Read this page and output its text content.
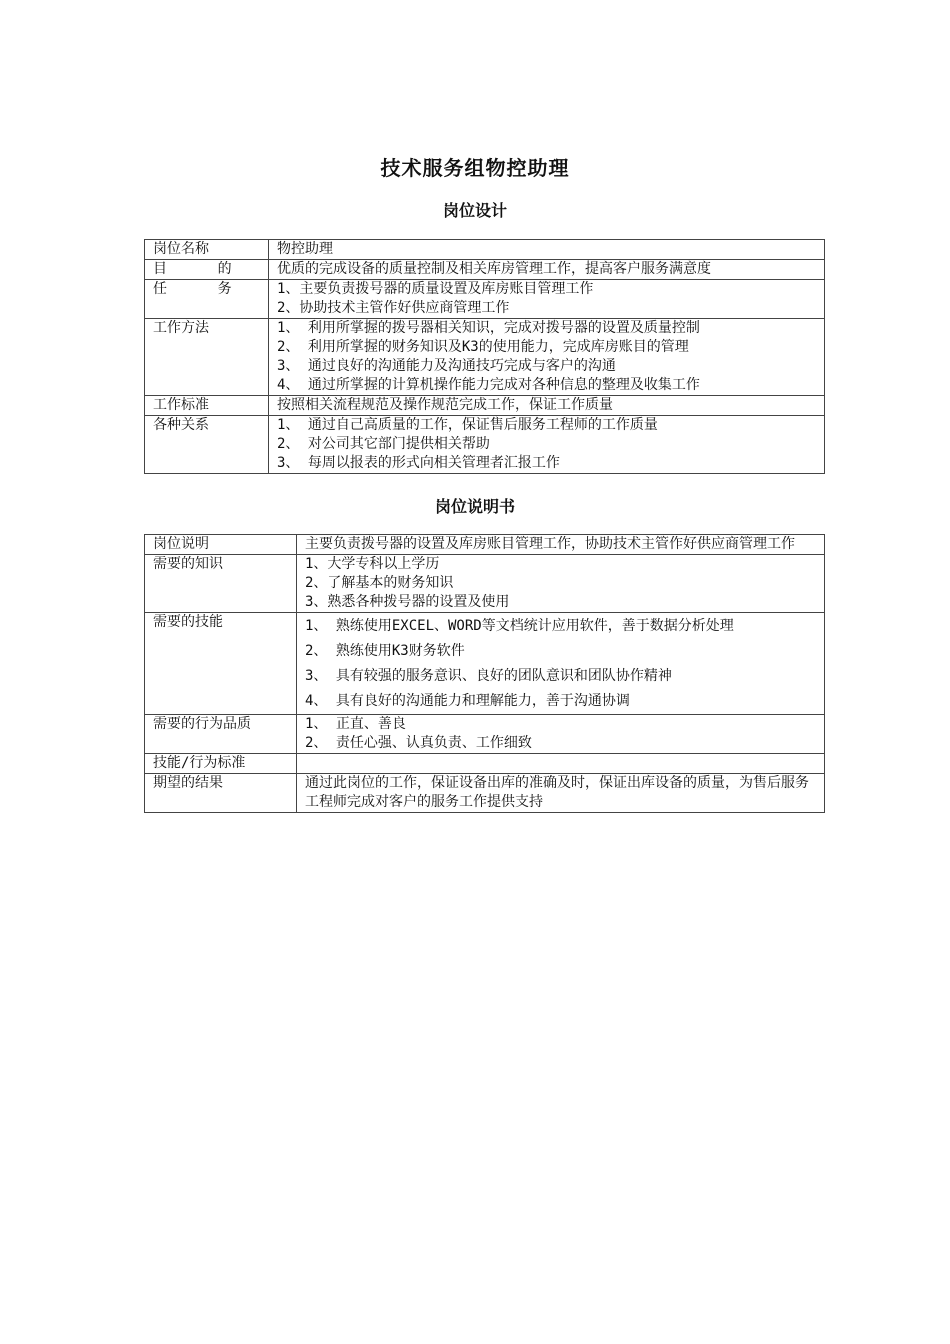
技术服务组物控助理
岗位设计
岗位名称	物控助理

目      的	优质的完成设备的质量控制及相关库房管理工作，提高客户服务满意度

任      务	1、主要负责拨号器的质量设置及库房账目管理工作
2、协助技术主管作好供应商管理工作

工作方法	1、 利用所掌握的拨号器相关知识，完成对拨号器的设置及质量控制
2、 利用所掌握的财务知识及K3的使用能力，完成库房账目的管理
3、 通过良好的沟通能力及沟通技巧完成与客户的沟通
4、 通过所掌握的计算机操作能力完成对各种信息的整理及收集工作

工作标准	按照相关流程规范及操作规范完成工作，保证工作质量

各种关系	1、 通过自己高质量的工作，保证售后服务工程师的工作质量
2、 对公司其它部门提供相关帮助
3、 每周以报表的形式向相关管理者汇报工作
岗位说明书
岗位说明	主要负责拨号器的设置及库房账目管理工作，协助技术主管作好供应商管理工作

需要的知识	1、大学专科以上学历
2、了解基本的财务知识
3、熟悉各种拨号器的设置及使用

需要的技能	1、 熟练使用EXCEL、WORD等文档统计应用软件，善于数据分析处理
2、 熟练使用K3财务软件
3、 具有较强的服务意识、良好的团队意识和团队协作精神
4、 具有良好的沟通能力和理解能力，善于沟通协调

需要的行为品质	1、 正直、善良
2、 责任心强、认真负责、工作细致

技能/行为标准	

期望的结果	通过此岗位的工作，保证设备出库的准确及时，保证出库设备的质量，为售后服务工程师完成对客户的服务工作提供支持
